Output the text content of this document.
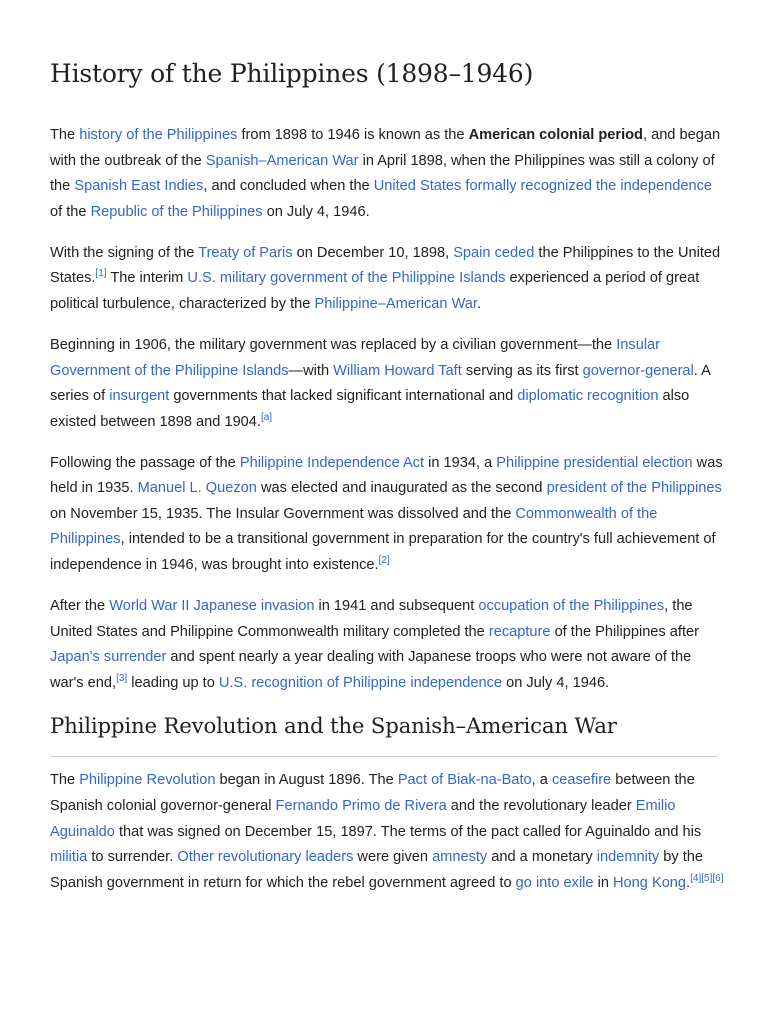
History of the Philippines (1898–1946)

The history of the Philippines from 1898 to 1946 is known as the American colonial period, and began with the outbreak of the Spanish–American War in April 1898, when the Philippines was still a colony of the Spanish East Indies, and concluded when the United States formally recognized the independence of the Republic of the Philippines on July 4, 1946.

With the signing of the Treaty of Paris on December 10, 1898, Spain ceded the Philippines to the United States.[1] The interim U.S. military government of the Philippine Islands experienced a period of great political turbulence, characterized by the Philippine–American War.

Beginning in 1906, the military government was replaced by a civilian government—the Insular Government of the Philippine Islands—with William Howard Taft serving as its first governor-general. A series of insurgent governments that lacked significant international and diplomatic recognition also existed between 1898 and 1904.[a]

Following the passage of the Philippine Independence Act in 1934, a Philippine presidential election was held in 1935. Manuel L. Quezon was elected and inaugurated as the second president of the Philippines on November 15, 1935. The Insular Government was dissolved and the Commonwealth of the Philippines, intended to be a transitional government in preparation for the country's full achievement of independence in 1946, was brought into existence.[2]

After the World War II Japanese invasion in 1941 and subsequent occupation of the Philippines, the United States and Philippine Commonwealth military completed the recapture of the Philippines after Japan's surrender and spent nearly a year dealing with Japanese troops who were not aware of the war's end,[3] leading up to U.S. recognition of Philippine independence on July 4, 1946.

Philippine Revolution and the Spanish–American War

The Philippine Revolution began in August 1896. The Pact of Biak-na-Bato, a ceasefire between the Spanish colonial governor-general Fernando Primo de Rivera and the revolutionary leader Emilio Aguinaldo that was signed on December 15, 1897. The terms of the pact called for Aguinaldo and his militia to surrender. Other revolutionary leaders were given amnesty and a monetary indemnity by the Spanish government in return for which the rebel government agreed to go into exile in Hong Kong.[4][5][6]
